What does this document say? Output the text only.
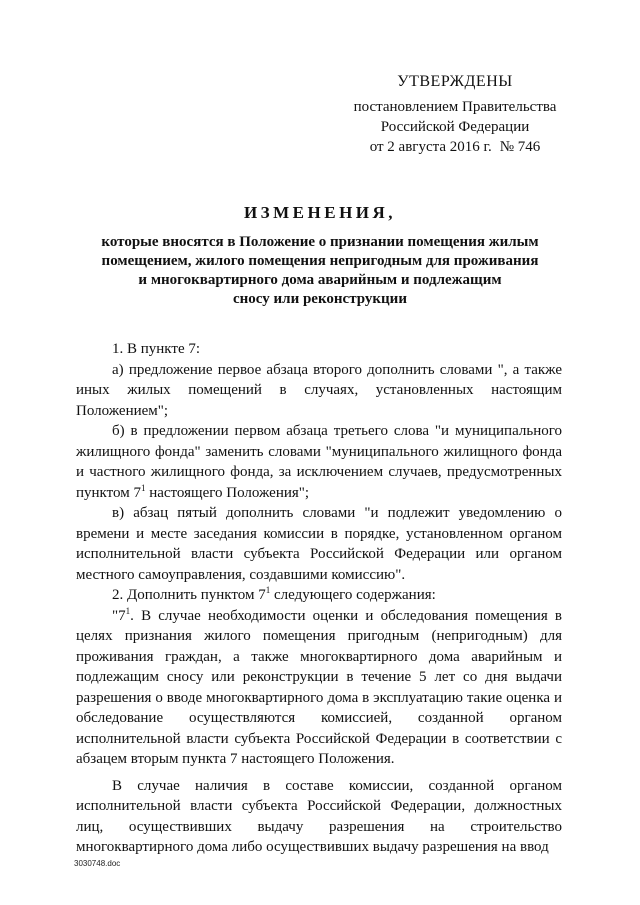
УТВЕРЖДЕНЫ
постановлением Правительства
Российской Федерации
от 2 августа 2016 г. № 746
ИЗМЕНЕНИЯ,
которые вносятся в Положение о признании помещения жилым
помещением, жилого помещения непригодным для проживания
и многоквартирного дома аварийным и подлежащим
сносу или реконструкции

1. В пункте 7:

а) предложение первое абзаца второго дополнить словами ", а также иных жилых помещений в случаях, установленных настоящим Положением";

б) в предложении первом абзаца третьего слова "и муниципального жилищного фонда" заменить словами "муниципального жилищного фонда и частного жилищного фонда, за исключением случаев, предусмотренных пунктом $7^1$ настоящего Положения";

в) абзац пятый дополнить словами "и подлежит уведомлению о времени и месте заседания комиссии в порядке, установленном органом исполнительной власти субъекта Российской Федерации или органом местного самоуправления, создавшими комиссию".

2. Дополнить пунктом $7^1$ следующего содержания:

"$7^1$. В случае необходимости оценки и обследования помещения в целях признания жилого помещения пригодным (непригодным) для проживания граждан, а также многоквартирного дома аварийным и подлежащим сносу или реконструкции в течение 5 лет со дня выдачи разрешения о вводе многоквартирного дома в эксплуатацию такие оценка и обследование осуществляются комиссией, созданной органом исполнительной власти субъекта Российской Федерации в соответствии с абзацем вторым пункта 7 настоящего Положения.

В случае наличия в составе комиссии, созданной органом исполнительной власти субъекта Российской Федерации, должностных лиц, осуществивших выдачу разрешения на строительство многоквартирного дома либо осуществивших выдачу разрешения на ввод

3030748.doc
